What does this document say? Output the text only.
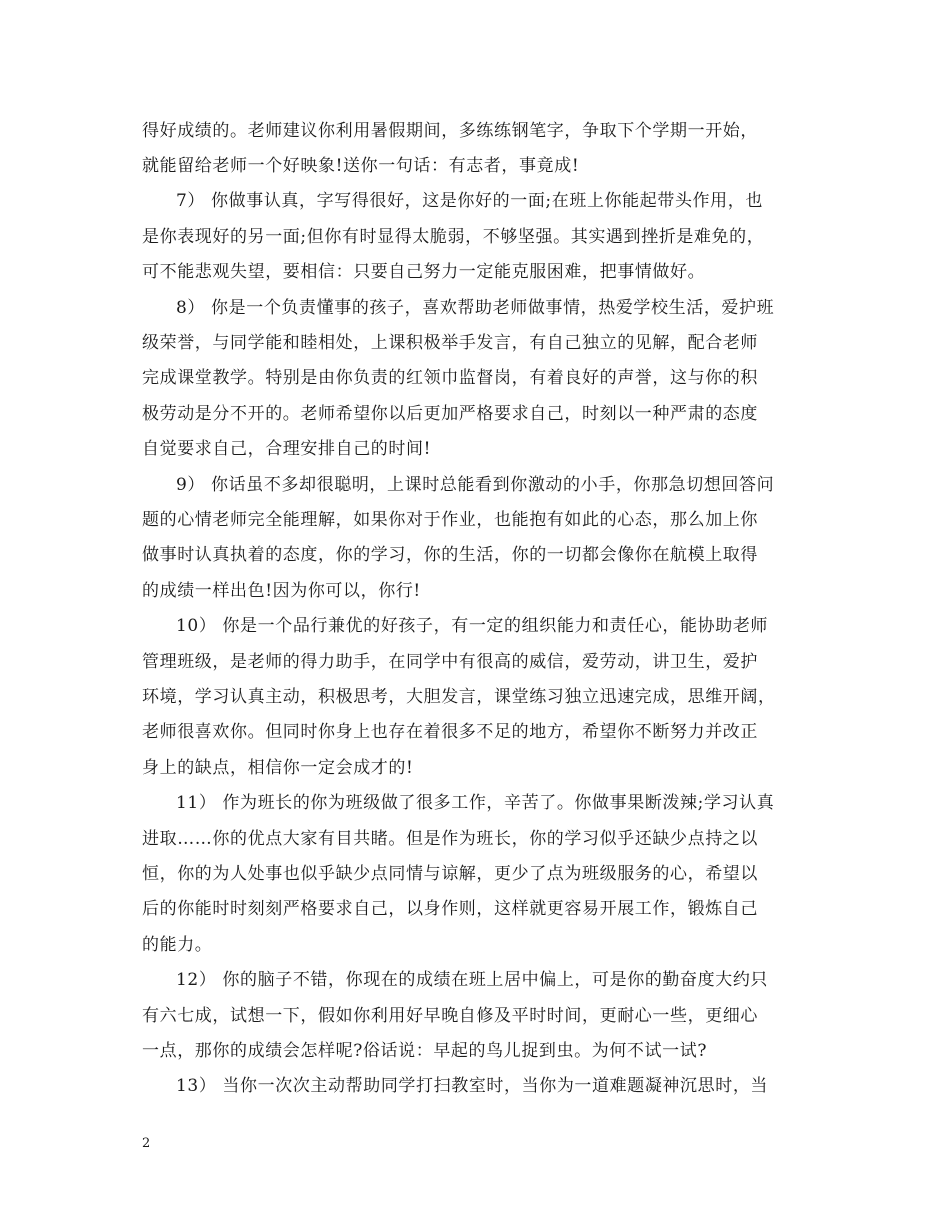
得好成绩的。老师建议你利用暑假期间，多练练钢笔字，争取下个学期一开始，
就能留给老师一个好映象!送你一句话：有志者，事竟成!
7） 你做事认真，字写得很好，这是你好的一面;在班上你能起带头作用，也
是你表现好的另一面;但你有时显得太脆弱，不够坚强。其实遇到挫折是难免的，
可不能悲观失望，要相信：只要自己努力一定能克服困难，把事情做好。
8） 你是一个负责懂事的孩子，喜欢帮助老师做事情，热爱学校生活，爱护班
级荣誉，与同学能和睦相处，上课积极举手发言，有自己独立的见解，配合老师
完成课堂教学。特别是由你负责的红领巾监督岗，有着良好的声誉，这与你的积
极劳动是分不开的。老师希望你以后更加严格要求自己，时刻以一种严肃的态度
自觉要求自己，合理安排自己的时间!
9） 你话虽不多却很聪明，上课时总能看到你激动的小手，你那急切想回答问
题的心情老师完全能理解，如果你对于作业，也能抱有如此的心态，那么加上你
做事时认真执着的态度，你的学习，你的生活，你的一切都会像你在航模上取得
的成绩一样出色!因为你可以，你行!
10） 你是一个品行兼优的好孩子，有一定的组织能力和责任心，能协助老师
管理班级，是老师的得力助手，在同学中有很高的威信，爱劳动，讲卫生，爱护
环境，学习认真主动，积极思考，大胆发言，课堂练习独立迅速完成，思维开阔，
老师很喜欢你。但同时你身上也存在着很多不足的地方，希望你不断努力并改正
身上的缺点，相信你一定会成才的!
11） 作为班长的你为班级做了很多工作，辛苦了。你做事果断泼辣;学习认真
进取……你的优点大家有目共睹。但是作为班长，你的学习似乎还缺少点持之以
恒，你的为人处事也似乎缺少点同情与谅解，更少了点为班级服务的心，希望以
后的你能时时刻刻严格要求自己，以身作则，这样就更容易开展工作，锻炼自己
的能力。
12） 你的脑子不错，你现在的成绩在班上居中偏上，可是你的勤奋度大约只
有六七成，试想一下，假如你利用好早晚自修及平时时间，更耐心一些，更细心
一点，那你的成绩会怎样呢?俗话说：早起的鸟儿捉到虫。为何不试一试?
13） 当你一次次主动帮助同学打扫教室时，当你为一道难题凝神沉思时，当
2
